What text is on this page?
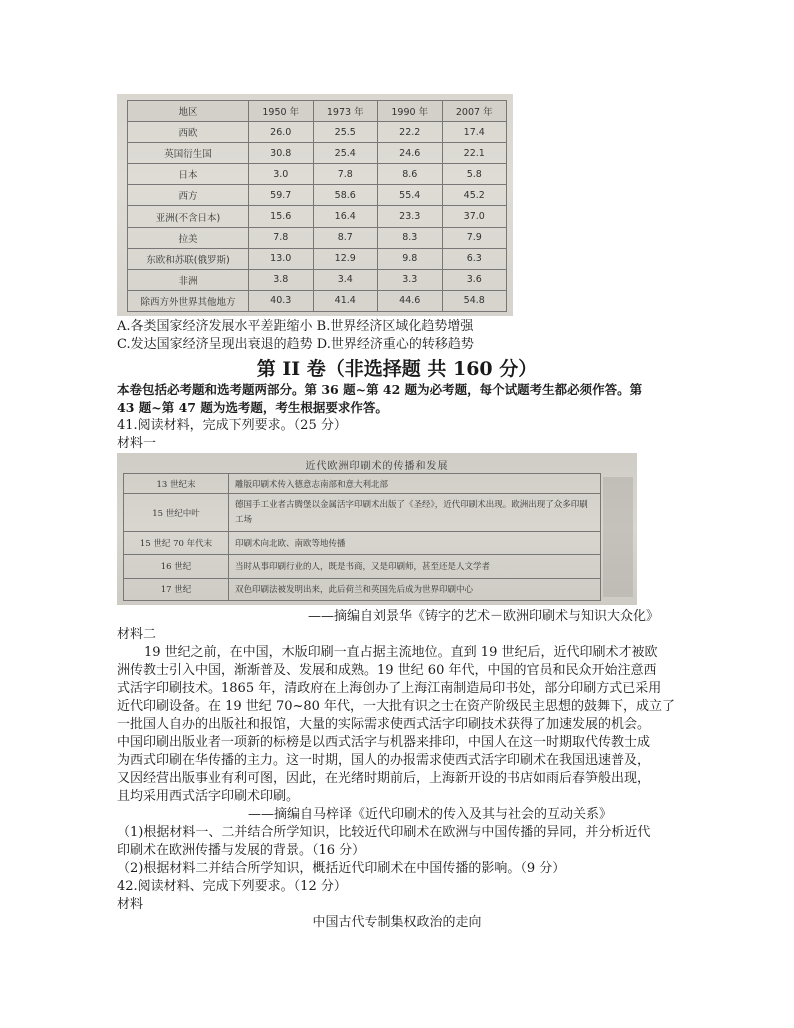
地区	1950 年	1973 年	1990 年	2007 年
西欧	26.0	25.5	22.2	17.4
英国衍生国	30.8	25.4	24.6	22.1
日本	3.0	7.8	8.6	5.8
西方	59.7	58.6	55.4	45.2
亚洲(不含日本)	15.6	16.4	23.3	37.0
拉美	7.8	8.7	8.3	7.9
东欧和苏联(俄罗斯)	13.0	12.9	9.8	6.3
非洲	3.8	3.4	3.3	3.6
除西方外世界其他地方	40.3	41.4	44.6	54.8
A.各类国家经济发展水平差距缩小 B.世界经济区域化趋势增强
C.发达国家经济呈现出衰退的趋势 D.世界经济重心的转移趋势
第 II 卷（非选择题 共 160 分）
本卷包括必考题和选考题两部分。第 36 题~第 42 题为必考题，每个试题考生都必须作答。第
43 题~第 47 题为选考题，考生根据要求作答。
41.阅读材料，完成下列要求。（25 分）
材料一
近代欧洲印刷术的传播和发展
13 世纪末	雕版印刷术传入德意志南部和意大利北部
15 世纪中叶	德国手工业者古腾堡以金属活字印刷术出版了《圣经》，近代印刷术出现。欧洲出现了众多印刷工场
15 世纪 70 年代末	印刷术向北欧、南欧等地传播
16 世纪	当时从事印刷行业的人，既是书商，又是印刷师，甚至还是人文学者
17 世纪	双色印刷法被发明出来，此后荷兰和英国先后成为世界印刷中心
——摘编自刘景华《铸字的艺术－欧洲印刷术与知识大众化》
材料二
19 世纪之前，在中国，木版印刷一直占据主流地位。直到 19 世纪后，近代印刷术才被欧
洲传教士引入中国，渐渐普及、发展和成熟。19 世纪 60 年代，中国的官员和民众开始注意西
式活字印刷技术。1865 年，清政府在上海创办了上海江南制造局印书处，部分印刷方式已采用
近代印刷设备。在 19 世纪 70~80 年代，一大批有识之士在资产阶级民主思想的鼓舞下，成立了
一批国人自办的出版社和报馆，大量的实际需求使西式活字印刷技术获得了加速发展的机会。
中国印刷出版业者一项新的标榜是以西式活字与机器来排印，中国人在这一时期取代传教士成
为西式印刷在华传播的主力。这一时期，国人的办报需求使西式活字印刷术在我国迅速普及，
又因经营出版事业有利可图，因此，在光绪时期前后，上海新开设的书店如雨后春笋般出现，
且均采用西式活字印刷术印刷。
——摘编自马梓译《近代印刷术的传入及其与社会的互动关系》
（1)根据材料一、二并结合所学知识，比较近代印刷术在欧洲与中国传播的异同，并分析近代
印刷术在欧洲传播与发展的背景。（16 分）
（2)根据材料二并结合所学知识，概括近代印刷术在中国传播的影响。（9 分）
42.阅读材料、完成下列要求。（12 分）
材料
中国古代专制集权政治的走向
